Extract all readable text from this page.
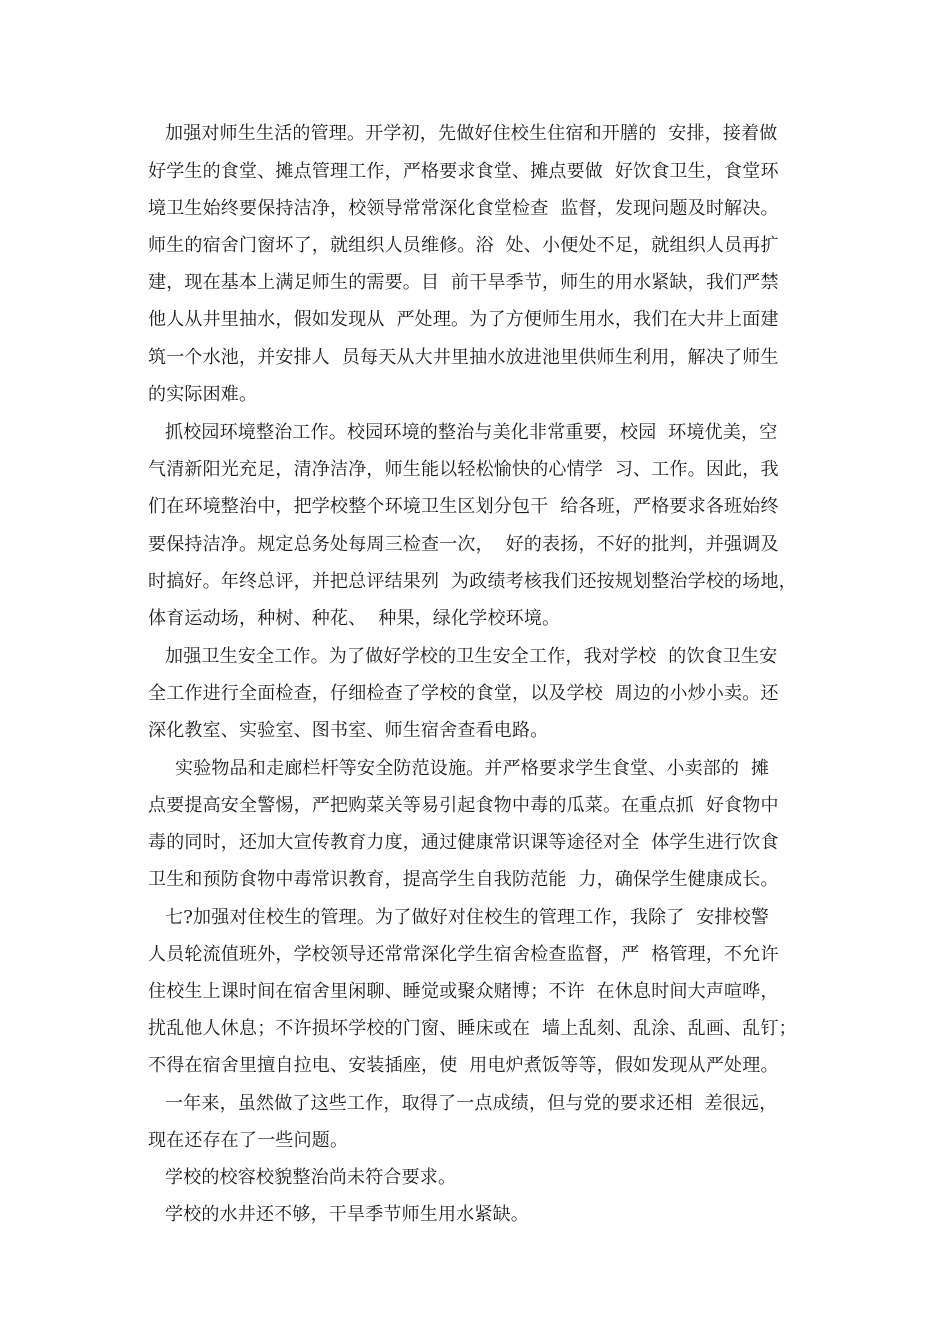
加强对师生生活的管理。开学初，先做好住校生住宿和开膳的  安排，接着做
好学生的食堂、摊点管理工作，严格要求食堂、摊点要做  好饮食卫生，食堂环
境卫生始终要保持洁净，校领导常常深化食堂检查  监督，发现问题及时解决。
师生的宿舍门窗坏了，就组织人员维修。浴  处、小便处不足，就组织人员再扩
建，现在基本上满足师生的需要。目  前干旱季节，师生的用水紧缺，我们严禁
他人从井里抽水，假如发现从  严处理。为了方便师生用水，我们在大井上面建
筑一个水池，并安排人  员每天从大井里抽水放进池里供师生利用，解决了师生
的实际困难。
抓校园环境整治工作。校园环境的整治与美化非常重要，校园  环境优美，空
气清新阳光充足，清净洁净，师生能以轻松愉快的心情学  习、工作。因此，我
们在环境整治中，把学校整个环境卫生区划分包干  给各班，严格要求各班始终
要保持洁净。规定总务处每周三检查一次，  好的表扬，不好的批判，并强调及
时搞好。年终总评，并把总评结果列  为政绩考核我们还按规划整治学校的场地，
体育运动场，种树、种花、  种果，绿化学校环境。
加强卫生安全工作。为了做好学校的卫生安全工作，我对学校  的饮食卫生安
全工作进行全面检查，仔细检查了学校的食堂，以及学校  周边的小炒小卖。还
深化教室、实验室、图书室、师生宿舍查看电路。
实验物品和走廊栏杆等安全防范设施。并严格要求学生食堂、小卖部的  摊
点要提高安全警惕，严把购菜关等易引起食物中毒的瓜菜。在重点抓  好食物中
毒的同时，还加大宣传教育力度，通过健康常识课等途径对全  体学生进行饮食
卫生和预防食物中毒常识教育，提高学生自我防范能  力，确保学生健康成长。
七?加强对住校生的管理。为了做好对住校生的管理工作，我除了  安排校警
人员轮流值班外，学校领导还常常深化学生宿舍检查监督，严  格管理，不允许
住校生上课时间在宿舍里闲聊、睡觉或聚众赌博；不许  在休息时间大声喧哗，
扰乱他人休息；不许损坏学校的门窗、睡床或在  墙上乱刻、乱涂、乱画、乱钉；
不得在宿舍里擅自拉电、安装插座，使  用电炉煮饭等等，假如发现从严处理。
一年来，虽然做了这些工作，取得了一点成绩，但与党的要求还相  差很远，
现在还存在了一些问题。
学校的校容校貌整治尚未符合要求。
学校的水井还不够，干旱季节师生用水紧缺。
